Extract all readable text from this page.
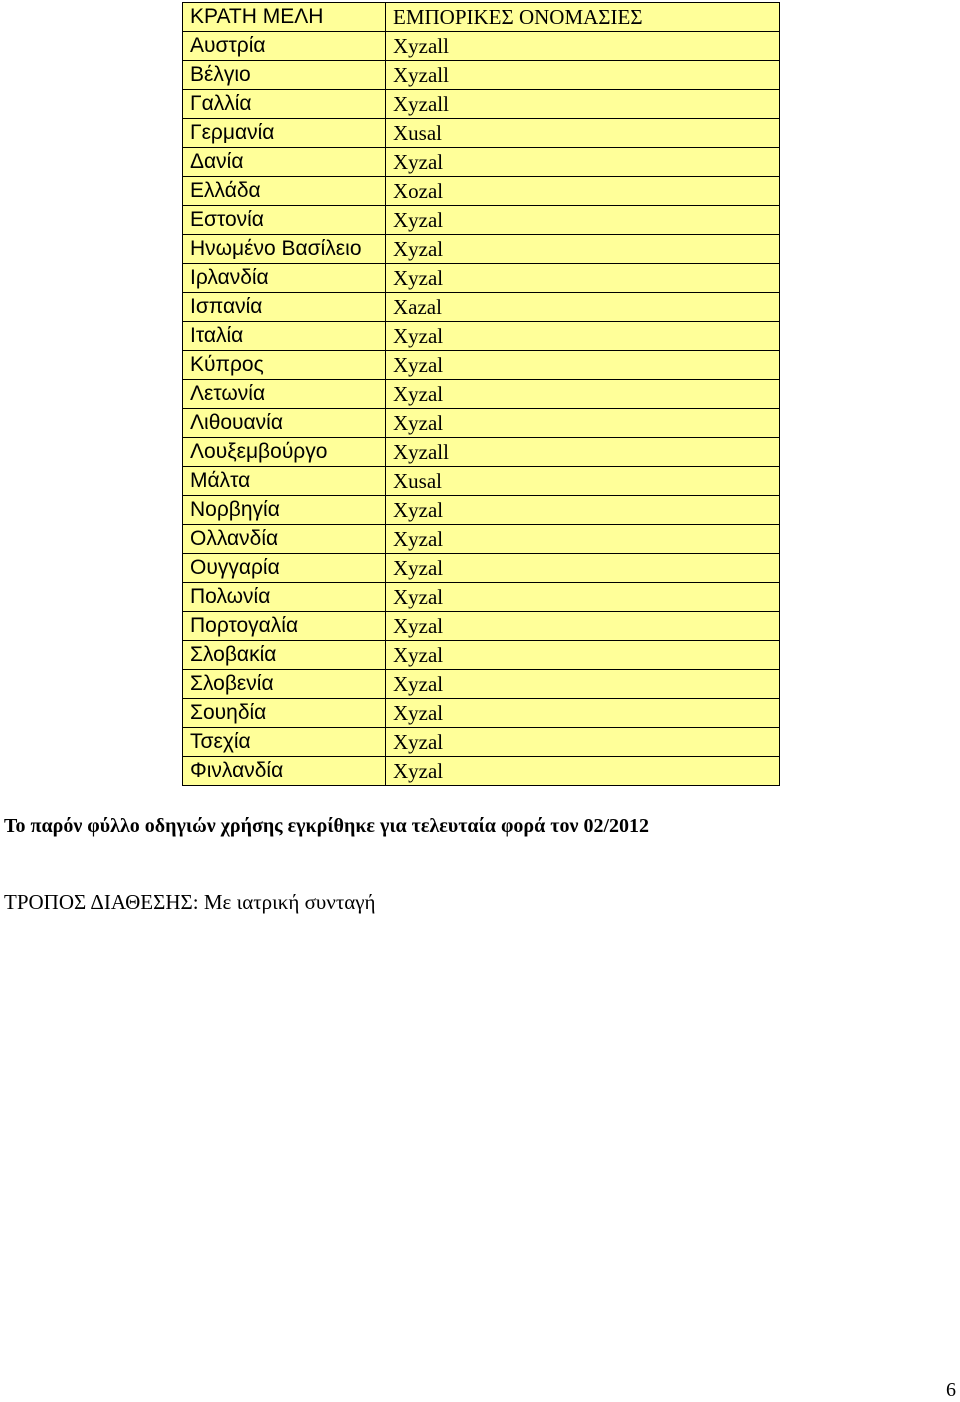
ΚΡΑΤΗ ΜΕΛΗ	ΕΜΠΟΡΙΚΕΣ ΟΝΟΜΑΣΙΕΣ
Αυστρία	Xyzall
Βέλγιο	Xyzall
Γαλλία	Xyzall
Γερμανία	Xusal
Δανία	Xyzal
Ελλάδα	Xozal
Εστονία	Xyzal
Ηνωμένο Βασίλειο	Xyzal
Ιρλανδία	Xyzal
Ισπανία	Xazal
Ιταλία	Xyzal
Κύπρος	Xyzal
Λετωνία	Xyzal
Λιθουανία	Xyzal
Λουξεμβούργο	Xyzall
Μάλτα	Xusal
Νορβηγία	Xyzal
Ολλανδία	Xyzal
Ουγγαρία	Xyzal
Πολωνία	Xyzal
Πορτογαλία	Xyzal
Σλοβακία	Xyzal
Σλοβενία	Xyzal
Σουηδία	Xyzal
Τσεχία	Xyzal
Φινλανδία	Xyzal
Το παρόν φύλλο οδηγιών χρήσης εγκρίθηκε για τελευταία φορά τον 02/2012
ΤΡΟΠΟΣ ΔΙΑΘΕΣΗΣ: Με ιατρική συνταγή
6
